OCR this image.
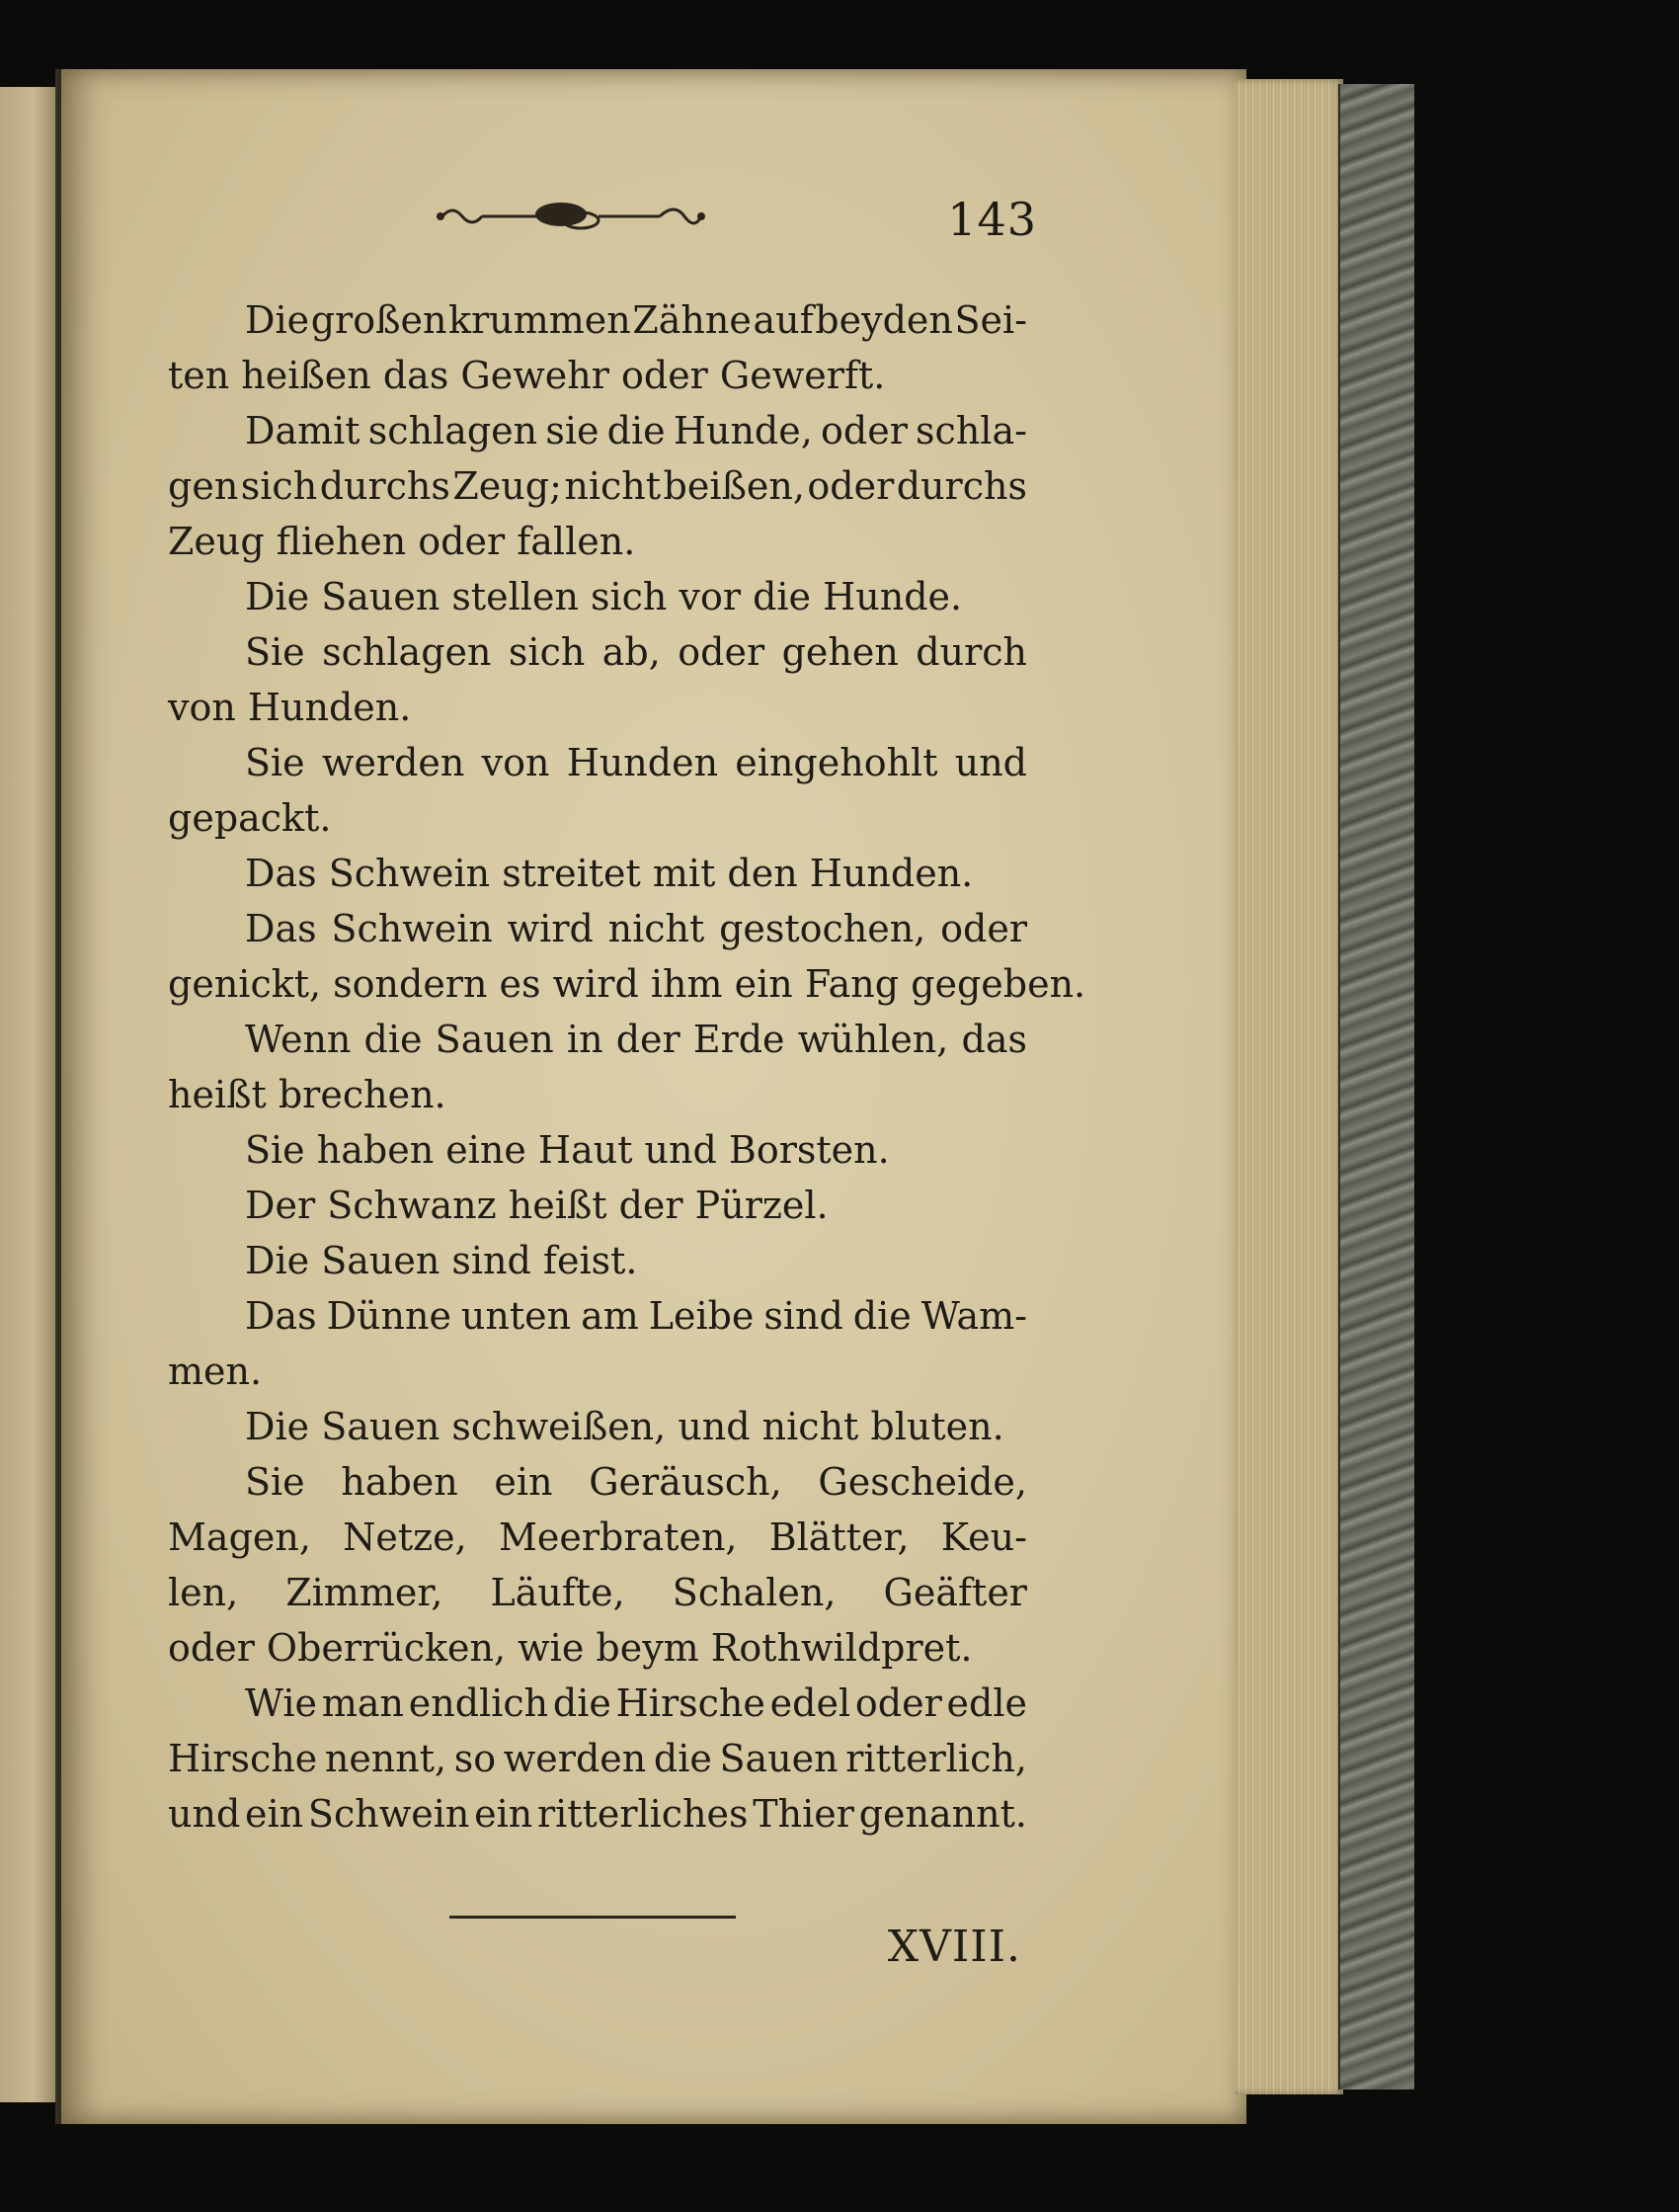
143
Die großen krummen Zähne auf beyden Sei-
ten heißen das Gewehr oder Gewerft.
Damit schlagen sie die Hunde, oder schla-
gen sich durchs Zeug; nicht beißen, oder durchs
Zeug fliehen oder fallen.
Die Sauen stellen sich vor die Hunde.
Sie schlagen sich ab, oder gehen durch
von Hunden.
Sie werden von Hunden eingehohlt und
gepackt.
Das Schwein streitet mit den Hunden.
Das Schwein wird nicht gestochen, oder
genickt, sondern es wird ihm ein Fang gegeben.
Wenn die Sauen in der Erde wühlen, das
heißt brechen.
Sie haben eine Haut und Borsten.
Der Schwanz heißt der Pürzel.
Die Sauen sind feist.
Das Dünne unten am Leibe sind die Wam-
men.
Die Sauen schweißen, und nicht bluten.
Sie haben ein Geräusch, Gescheide,
Magen, Netze, Meerbraten, Blätter, Keu-
len, Zimmer, Läufte, Schalen, Geäfter
oder Oberrücken, wie beym Rothwildpret.
Wie man endlich die Hirsche edel oder edle
Hirsche nennt, so werden die Sauen ritterlich,
und ein Schwein ein ritterliches Thier genannt.
XVIII.
